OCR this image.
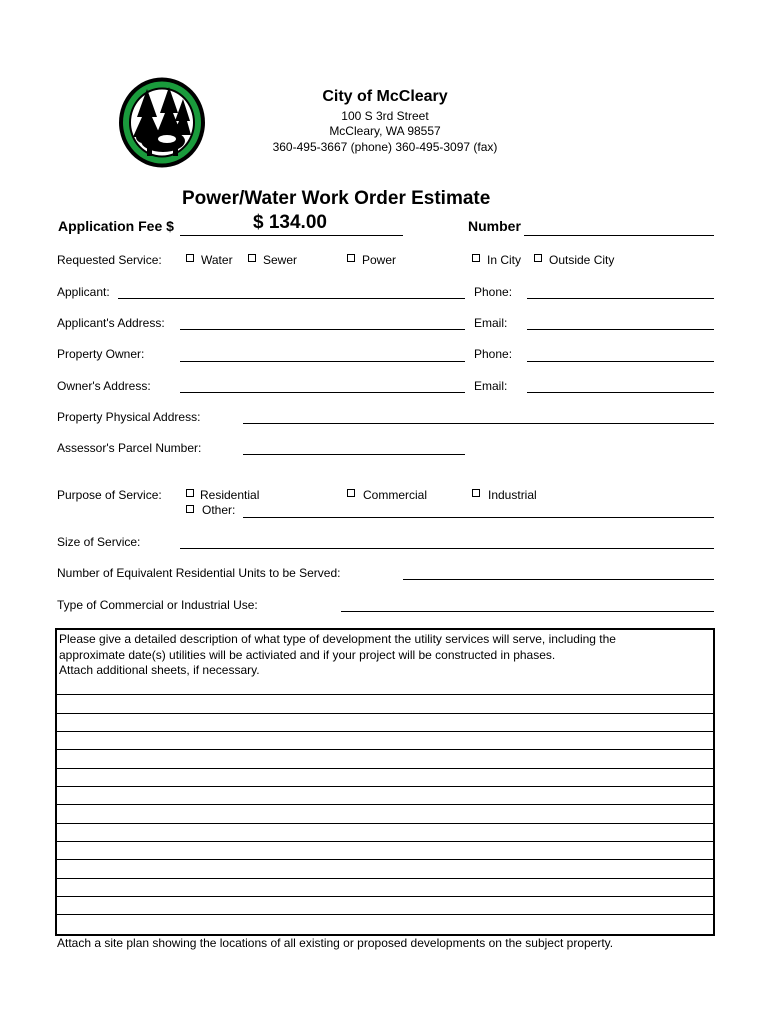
City of McCleary
100 S 3rd Street
McCleary, WA 98557
360-495-3667 (phone) 360-495-3097 (fax)
Power/Water Work Order Estimate
Application Fee $	$ 134.00	Number
Requested Service:	Water	Sewer	Power	In City Outside City
Applicant:	Phone:
Applicant's Address:	Email:
Property Owner:	Phone:
Owner's Address:	Email:
Property Physical Address:
Assessor's Parcel Number:
Purpose of Service:	Residential	Commercial	Industrial
Other:
Size of Service:
Number of Equivalent Residential Units to be Served:
Type of Commercial or Industrial Use:
Please give a detailed description of what type of development the utility services will serve, including the
approximate date(s) utilities will be activiated and if your project will be constructed in phases.
Attach additional sheets, if necessary.
Attach a site plan showing the locations of all existing or proposed developments on the subject property.
